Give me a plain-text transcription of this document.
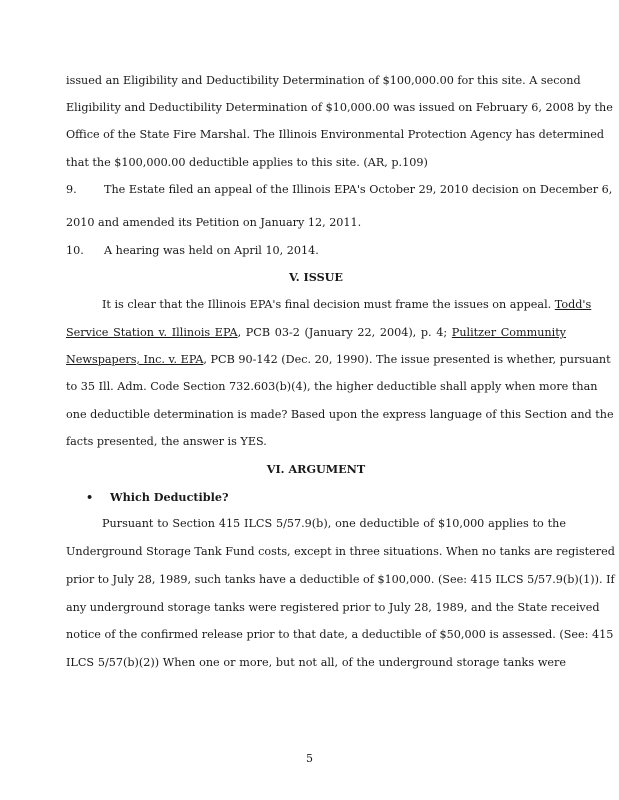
issued an Eligibility and Deductibility Determination of $100,000.00 for this site. A second
Eligibility and Deductibility Determination of $10,000.00 was issued on February 6, 2008 by the
Office of the State Fire Marshal. The Illinois Environmental Protection Agency has determined
that the $100,000.00 deductible applies to this site. (AR, p.109)
9. The Estate filed an appeal of the Illinois EPA's October 29, 2010 decision on December 6,
2010 and amended its Petition on January 12, 2011.
10. A hearing was held on April 10, 2014.
V. ISSUE
It is clear that the Illinois EPA's final decision must frame the issues on appeal. Todd's
Service Station v. Illinois EPA, PCB 03-2 (January 22, 2004), p. 4; Pulitzer Community
Newspapers, Inc. v. EPA, PCB 90-142 (Dec. 20, 1990). The issue presented is whether, pursuant
to 35 Ill. Adm. Code Section 732.603(b)(4), the higher deductible shall apply when more than
one deductible determination is made? Based upon the express language of this Section and the
facts presented, the answer is YES.
VI. ARGUMENT
• Which Deductible?
Pursuant to Section 415 ILCS 5/57.9(b), one deductible of $10,000 applies to the
Underground Storage Tank Fund costs, except in three situations. When no tanks are registered
prior to July 28, 1989, such tanks have a deductible of $100,000. (See: 415 ILCS 5/57.9(b)(1)). If
any underground storage tanks were registered prior to July 28, 1989, and the State received
notice of the confirmed release prior to that date, a deductible of $50,000 is assessed. (See: 415
ILCS 5/57(b)(2)) When one or more, but not all, of the underground storage tanks were
5
